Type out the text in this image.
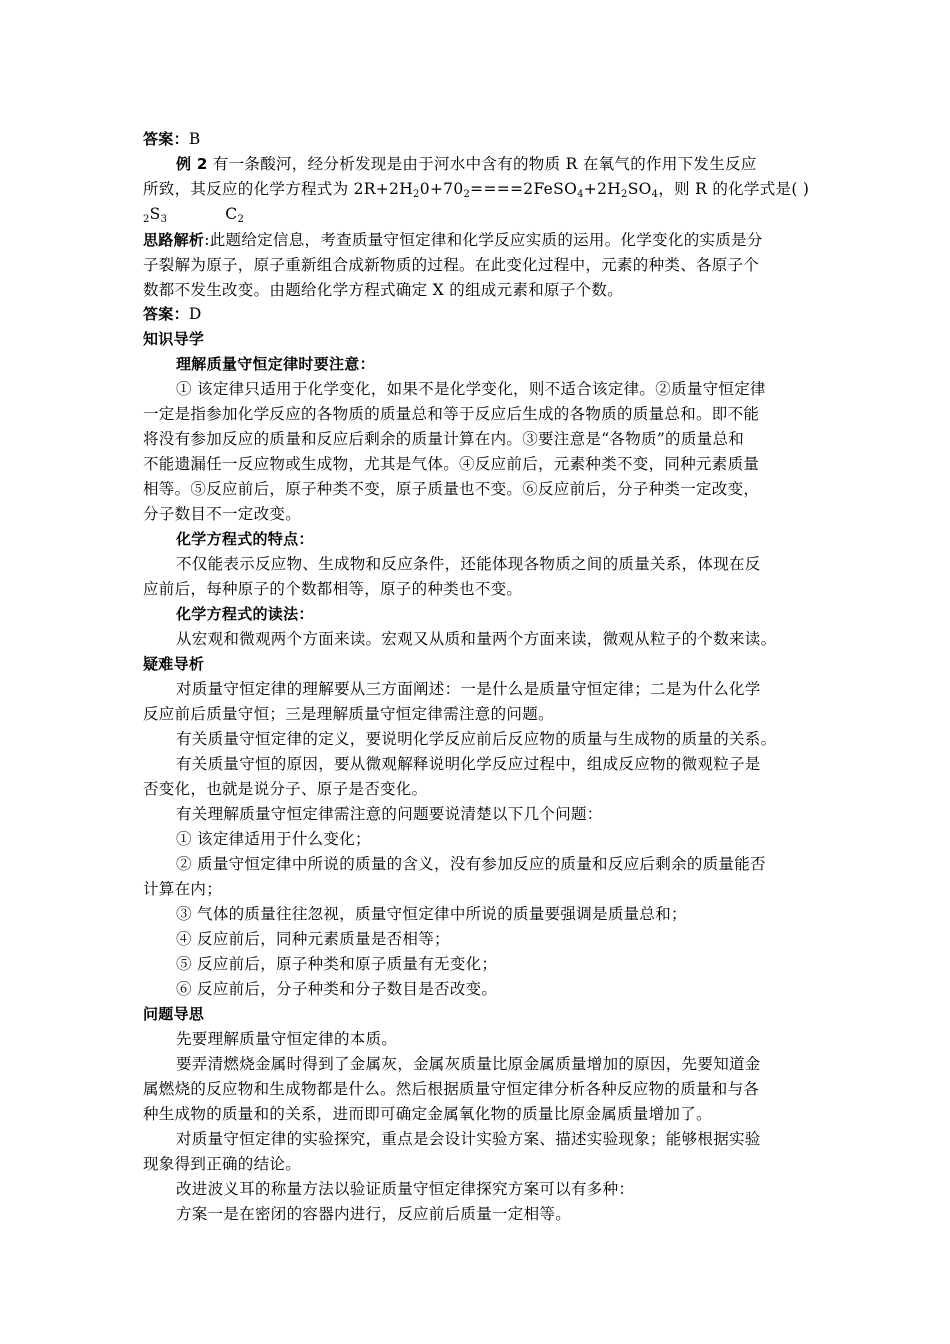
答案：B
例 2 有一条酸河，经分析发现是由于河水中含有的物质 R 在氧气的作用下发生反应
所致，其反应的化学方程式为 $2R+2H_20+70_2====2FeSO_4+2H_2SO_4$，则 R 的化学式是( )
$_2S_3$	$C_2$
思路解析:此题给定信息，考查质量守恒定律和化学反应实质的运用。化学变化的实质是分
子裂解为原子，原子重新组合成新物质的过程。在此变化过程中，元素的种类、各原子个
数都不发生改变。由题给化学方程式确定 X 的组成元素和原子个数。
答案：D
知识导学
理解质量守恒定律时要注意：
① 该定律只适用于化学变化，如果不是化学变化，则不适合该定律。②质量守恒定律
一定是指参加化学反应的各物质的质量总和等于反应后生成的各物质的质量总和。即不能
将没有参加反应的质量和反应后剩余的质量计算在内。③要注意是“各物质”的质量总和
不能遗漏任一反应物或生成物，尤其是气体。④反应前后，元素种类不变，同种元素质量
相等。⑤反应前后，原子种类不变，原子质量也不变。⑥反应前后，分子种类一定改变，
分子数目不一定改变。
化学方程式的特点：
不仅能表示反应物、生成物和反应条件，还能体现各物质之间的质量关系，体现在反
应前后，每种原子的个数都相等，原子的种类也不变。
化学方程式的读法：
从宏观和微观两个方面来读。宏观又从质和量两个方面来读，微观从粒子的个数来读。
疑难导析
对质量守恒定律的理解要从三方面阐述：一是什么是质量守恒定律；二是为什么化学
反应前后质量守恒；三是理解质量守恒定律需注意的问题。
有关质量守恒定律的定义，要说明化学反应前后反应物的质量与生成物的质量的关系。
有关质量守恒的原因，要从微观解释说明化学反应过程中，组成反应物的微观粒子是
否变化，也就是说分子、原子是否变化。
有关理解质量守恒定律需注意的问题要说清楚以下几个问题：
① 该定律适用于什么变化；
② 质量守恒定律中所说的质量的含义，没有参加反应的质量和反应后剩余的质量能否
计算在内；
③ 气体的质量往往忽视，质量守恒定律中所说的质量要强调是质量总和；
④ 反应前后，同种元素质量是否相等；
⑤ 反应前后，原子种类和原子质量有无变化；
⑥ 反应前后，分子种类和分子数目是否改变。
问题导思
先要理解质量守恒定律的本质。
要弄清燃烧金属时得到了金属灰，金属灰质量比原金属质量增加的原因，先要知道金
属燃烧的反应物和生成物都是什么。然后根据质量守恒定律分析各种反应物的质量和与各
种生成物的质量和的关系，进而即可确定金属氧化物的质量比原金属质量增加了。
对质量守恒定律的实验探究，重点是会设计实验方案、描述实验现象；能够根据实验
现象得到正确的结论。
改进波义耳的称量方法以验证质量守恒定律探究方案可以有多种：
方案一是在密闭的容器内进行，反应前后质量一定相等。
